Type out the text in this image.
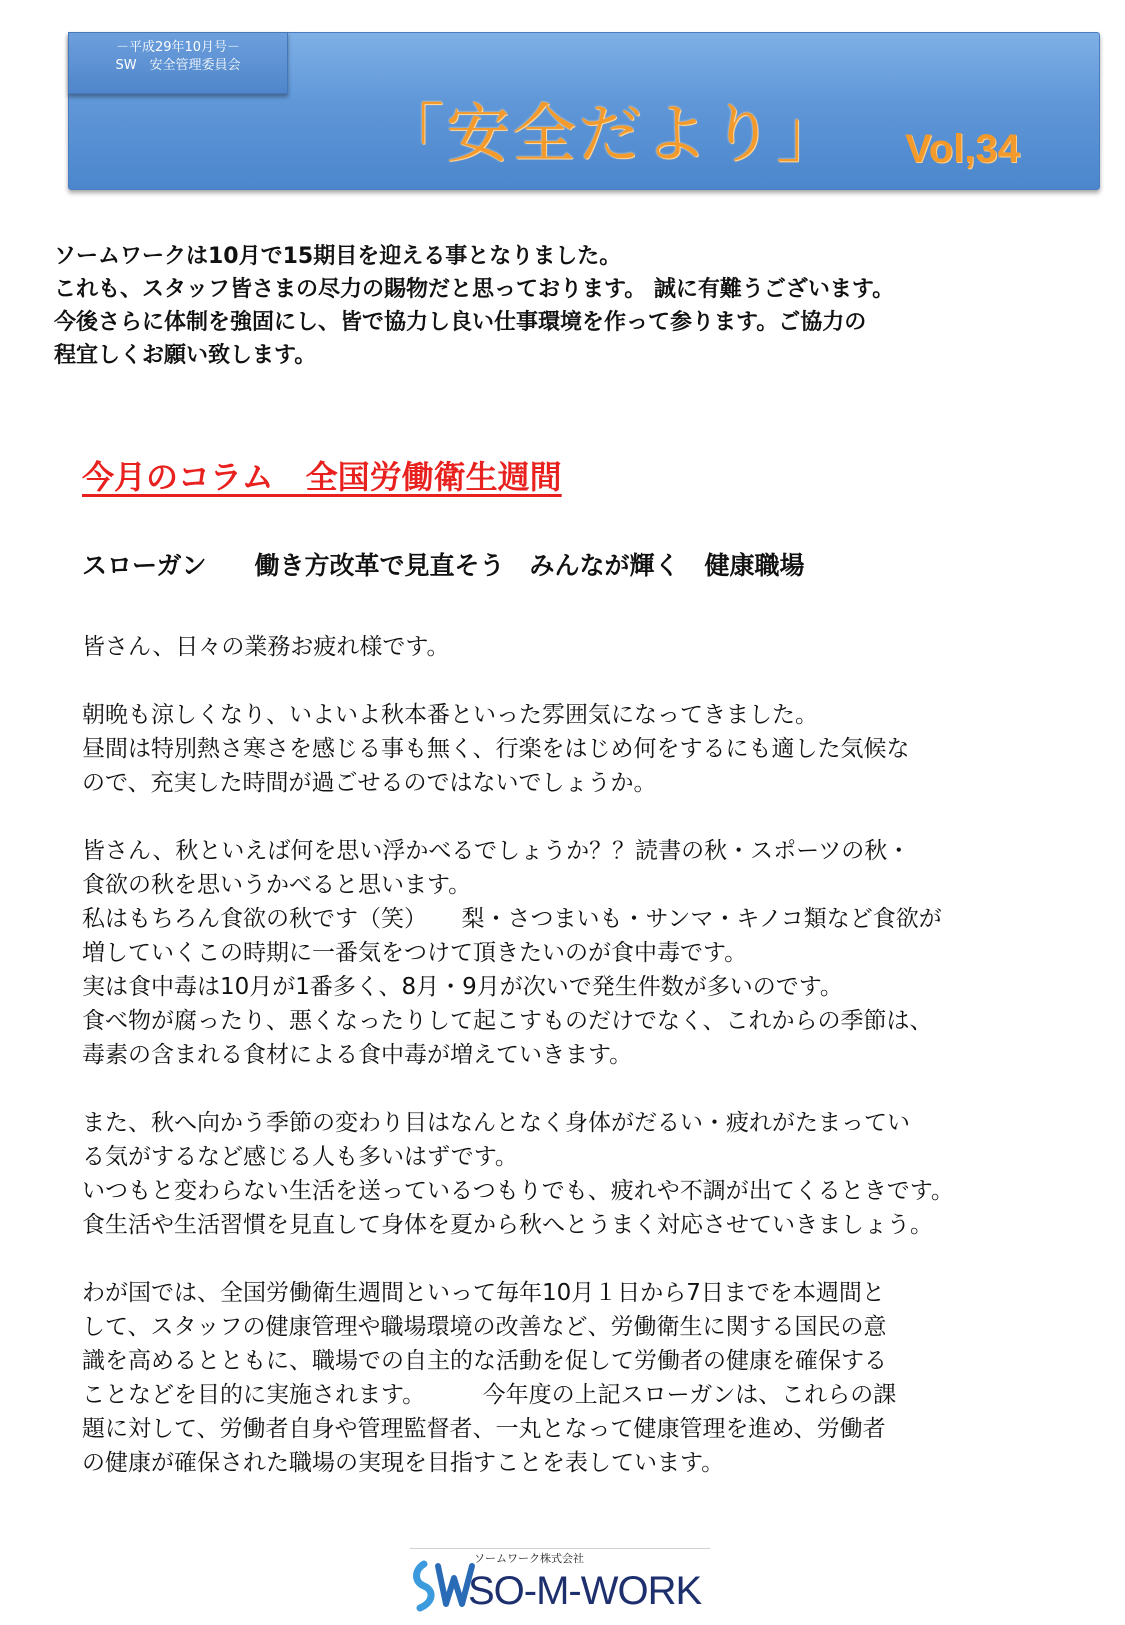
－平成29年10月号－
SW　安全管理委員会
「安全だより」 Vol,34
ソームワークは10月で15期目を迎える事となりました。
これも、スタッフ皆さまの尽力の賜物だと思っております。 誠に有難うございます。
今後さらに体制を強固にし、皆で協力し良い仕事環境を作って参ります。ご協力の
程宜しくお願い致します。
今月のコラム　全国労働衛生週間
スローガン 働き方改革で見直そう　みんなが輝く　健康職場
皆さん、日々の業務お疲れ様です。
朝晩も涼しくなり、いよいよ秋本番といった雰囲気になってきました。
昼間は特別熱さ寒さを感じる事も無く、行楽をはじめ何をするにも適した気候な
ので、充実した時間が過ごせるのではないでしょうか。
皆さん、秋といえば何を思い浮かべるでしょうか？？読書の秋・スポーツの秋・
食欲の秋を思いうかべると思います。
私はもちろん食欲の秋です（笑）　　梨・さつまいも・サンマ・キノコ類など食欲が
増していくこの時期に一番気をつけて頂きたいのが食中毒です。
実は食中毒は10月が1番多く、8月・9月が次いで発生件数が多いのです。
食べ物が腐ったり、悪くなったりして起こすものだけでなく、これからの季節は、
毒素の含まれる食材による食中毒が増えていきます。
また、秋へ向かう季節の変わり目はなんとなく身体がだるい・疲れがたまってい
る気がするなど感じる人も多いはずです。
いつもと変わらない生活を送っているつもりでも、疲れや不調が出てくるときです。
食生活や生活習慣を見直して身体を夏から秋へとうまく対応させていきましょう。
わが国では、全国労働衛生週間といって毎年10月１日から7日までを本週間と
して、スタッフの健康管理や職場環境の改善など、労働衛生に関する国民の意
識を高めるとともに、職場での自主的な活動を促して労働者の健康を確保する
ことなどを目的に実施されます。　　　今年度の上記スローガンは、これらの課
題に対して、労働者自身や管理監督者、一丸となって健康管理を進め、労働者
の健康が確保された職場の実現を目指すことを表しています。
ソームワーク株式会社
SO-M-WORK
